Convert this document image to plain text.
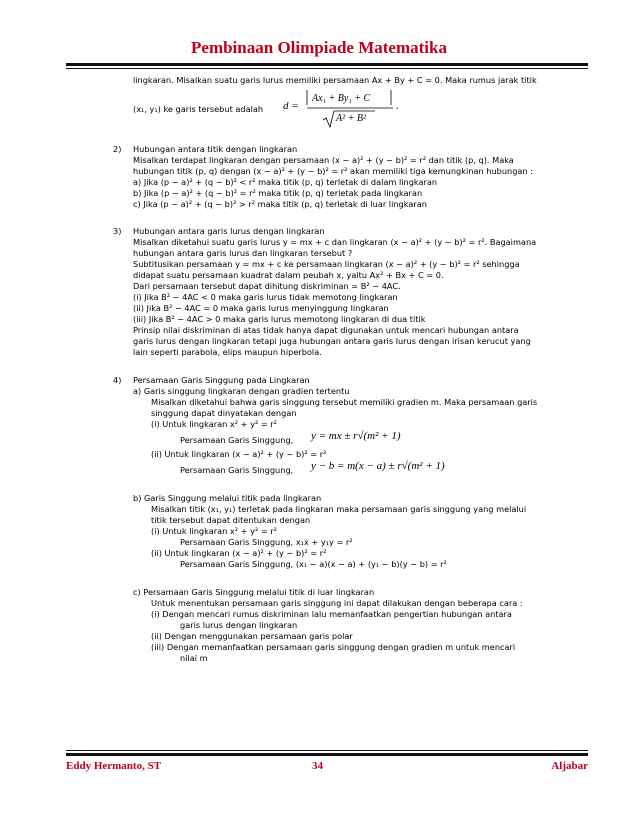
Pembinaan Olimpiade Matematika
lingkaran. Misalkan suatu garis lurus memiliki persamaan Ax + By + C = 0. Maka rumus jarak titik
(x₁, y₁) ke garis tersebut adalah d =
Ax₁ + By₁ + C
A² + B²
.
2) Hubungan antara titik dengan lingkaran
Misalkan terdapat lingkaran dengan persamaan (x − a)² + (y − b)² = r² dan titik (p, q). Maka
hubungan titik (p, q) dengan (x − a)² + (y − b)² = r² akan memiliki tiga kemungkinan hubungan :
a) Jika (p − a)² + (q − b)² < r² maka titik (p, q) terletak di dalam lingkaran
b) Jika (p − a)² + (q − b)² = r² maka titik (p, q) terletak pada lingkaran
c) Jika (p − a)² + (q − b)² > r² maka titik (p, q) terletak di luar lingkaran
3) Hubungan antara garis lurus dengan lingkaran
Misalkan diketahui suatu garis lurus y = mx + c dan lingkaran (x − a)² + (y − b)² = r². Bagaimana
hubungan antara garis lurus dan lingkaran tersebut ?
Subtitusikan persamaan y = mx + c ke persamaan lingkaran (x − a)² + (y − b)² = r² sehingga
didapat suatu persamaan kuadrat dalam peubah x, yaitu Ax² + Bx + C = 0.
Dari persamaan tersebut dapat dihitung diskriminan = B² − 4AC.
(i) Jika B² − 4AC < 0 maka garis lurus tidak memotong lingkaran
(ii) Jika B² − 4AC = 0 maka garis lurus menyinggung lingkaran
(iii) Jika B² − 4AC > 0 maka garis lurus memotong lingkaran di dua titik
Prinsip nilai diskriminan di atas tidak hanya dapat digunakan untuk mencari hubungan antara
garis lurus dengan lingkaran tetapi juga hubungan antara garis lurus dengan irisan kerucut yang
lain seperti parabola, elips maupun hiperbola.
4) Persamaan Garis Singgung pada Lingkaran
a) Garis singgung lingkaran dengan gradien tertentu
Misalkan diketahui bahwa garis singgung tersebut memiliki gradien m. Maka persamaan garis
singgung dapat dinyatakan dengan
(i) Untuk lingkaran x² + y² = r²
Persamaan Garis Singgung, y = mx ± r√(m² + 1)
(ii) Untuk lingkaran (x − a)² + (y − b)² = r²
Persamaan Garis Singgung, y − b = m(x − a) ± r√(m² + 1)
b) Garis Singgung melalui titik pada lingkaran
Misalkan titik (x₁, y₁) terletak pada lingkaran maka persamaan garis singgung yang melalui
titik tersebut dapat ditentukan dengan
(i) Untuk lingkaran x² + y² = r²
Persamaan Garis Singgung, x₁x + y₁y = r²
(ii) Untuk lingkaran (x − a)² + (y − b)² = r²
Persamaan Garis Singgung, (x₁ − a)(x − a) + (y₁ − b)(y − b) = r²
c) Persamaan Garis Singgung melalui titik di luar lingkaran
Untuk menentukan persamaan garis singgung ini dapat dilakukan dengan beberapa cara :
(i) Dengan mencari rumus diskriminan lalu memanfaatkan pengertian hubungan antara
garis lurus dengan lingkaran
(ii) Dengan menggunakan persamaan garis polar
(iii) Dengan memanfaatkan persamaan garis singgung dengan gradien m untuk mencari
nilai m
Eddy Hermanto, ST	34	Aljabar
